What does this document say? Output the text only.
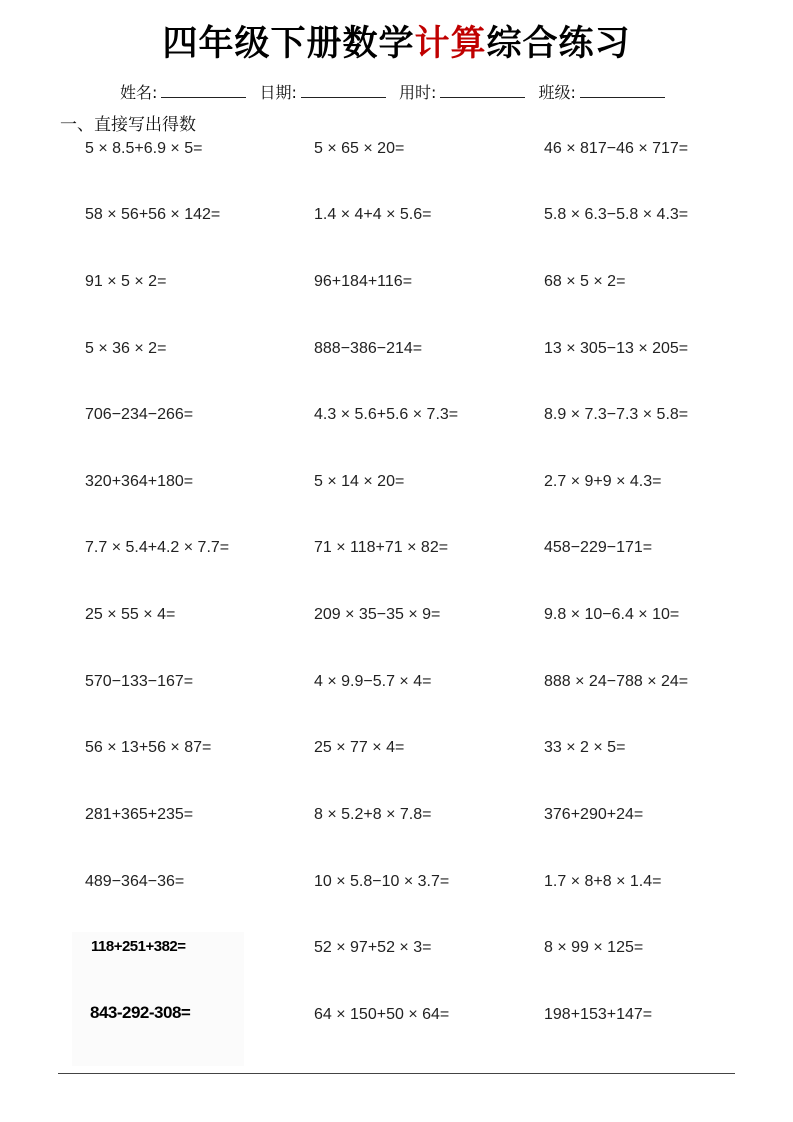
四年级下册数学计算综合练习
姓名:	日期:	用时:	班级:
一、直接写出得数
5 × 8.5+6.9 × 5=	5 × 65 × 20=	46 × 817−46 × 717=
58 × 56+56 × 142=	1.4 × 4+4 × 5.6=	5.8 × 6.3−5.8 × 4.3=
91 × 5 × 2=	96+184+116=	68 × 5 × 2=
5 × 36 × 2=	888−386−214=	13 × 305−13 × 205=
706−234−266=	4.3 × 5.6+5.6 × 7.3=	8.9 × 7.3−7.3 × 5.8=
320+364+180=	5 × 14 × 20=	2.7 × 9+9 × 4.3=
7.7 × 5.4+4.2 × 7.7=	71 × 118+71 × 82=	458−229−171=
25 × 55 × 4=	209 × 35−35 × 9=	9.8 × 10−6.4 × 10=
570−133−167=	4 × 9.9−5.7 × 4=	888 × 24−788 × 24=
56 × 13+56 × 87=	25 × 77 × 4=	33 × 2 × 5=
281+365+235=	8 × 5.2+8 × 7.8=	376+290+24=
489−364−36=	10 × 5.8−10 × 3.7=	1.7 × 8+8 × 1.4=
118+251+382=	52 × 97+52 × 3=	8 × 99 × 125=
843-292-308=	64 × 150+50 × 64=	198+153+147=
